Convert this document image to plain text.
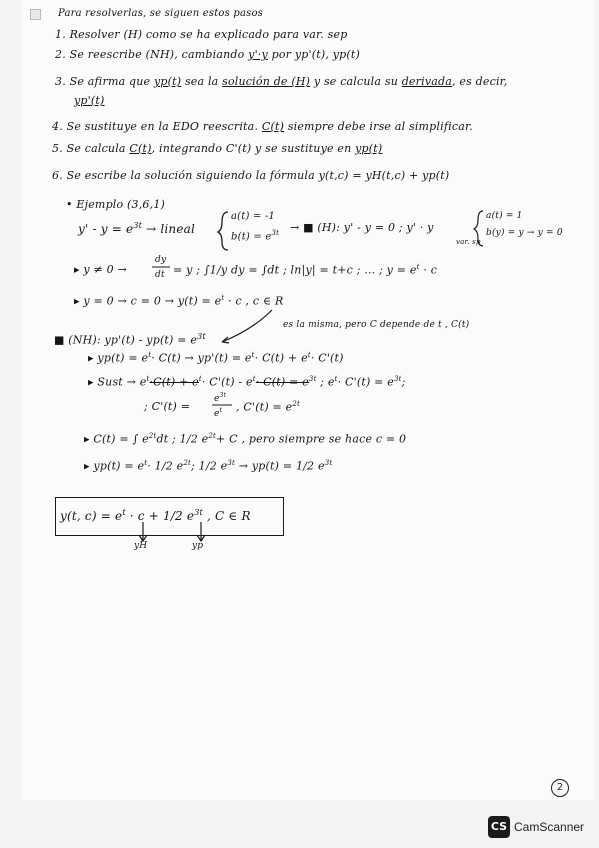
Para resolverlas, se siguen estos pasos
1. Resolver (H) como se ha explicado para var. sep
2. Se reescribe (NH), cambiando y'·y por yp'(t), yp(t)
3. Se afirma que yp(t) sea la solución de (H) y se calcula su derivada, es decir,
yp'(t)
4. Se sustituye en la EDO reescrita. C(t) siempre debe irse al simplificar.
5. Se calcula C(t), integrando C'(t) y se sustituye en yp(t)
6. Se escribe la solución siguiendo la fórmula y(t,c) = yH(t,c) + yp(t)
• Ejemplo (3,6,1)
$y' - y = e^{3t}$ → lineal
a(t) = -1
$b(t) = e^{3t}$ → ■ (H): y' - y = 0 ; y' · y
a(t) = 1
b(y) = y → y = 0
var. sp
▸ y ≠ 0 →
dy
dt = y ; ∫1/y dy = ∫dt ; ln|y| = t+c ; ... ; $y = e^t \cdot c$
▸ $y = 0 \to c = 0 \to y(t) = e^t \cdot c$ , c ∈ R
es la misma, pero C depende de t , C(t)
■ (NH): $yp'(t) - yp(t) = e^{3t}$
▸ $yp(t) = e^t\cdot C(t) \to yp'(t) = e^t\cdot C(t) + e^t\cdot C'(t)$
▸ Sust → $e^t\cdot C(t) + e^t\cdot C'(t) - e^t\cdot C(t) = e^{3t}$ ; $e^t\cdot C'(t) = e^{3t}$;
; C'(t) =
$e^{3t}$
$e^t$ , $C'(t) = e^{2t}$
▸ C(t) = ∫ $e^{2t}dt$ ; 1/2 $e^{2t}+ C$ , pero siempre se hace c = 0
▸ $yp(t) = e^t\cdot 1/2$ $e^{2t}$; 1/2 $e^{3t} \to yp(t) = 1/2$ $e^{3t}$
y(t, $c) = e^t \cdot c + 1/2$ $e^{3t}$ , C ∈ R
yH	yp
2
CS CamScanner
